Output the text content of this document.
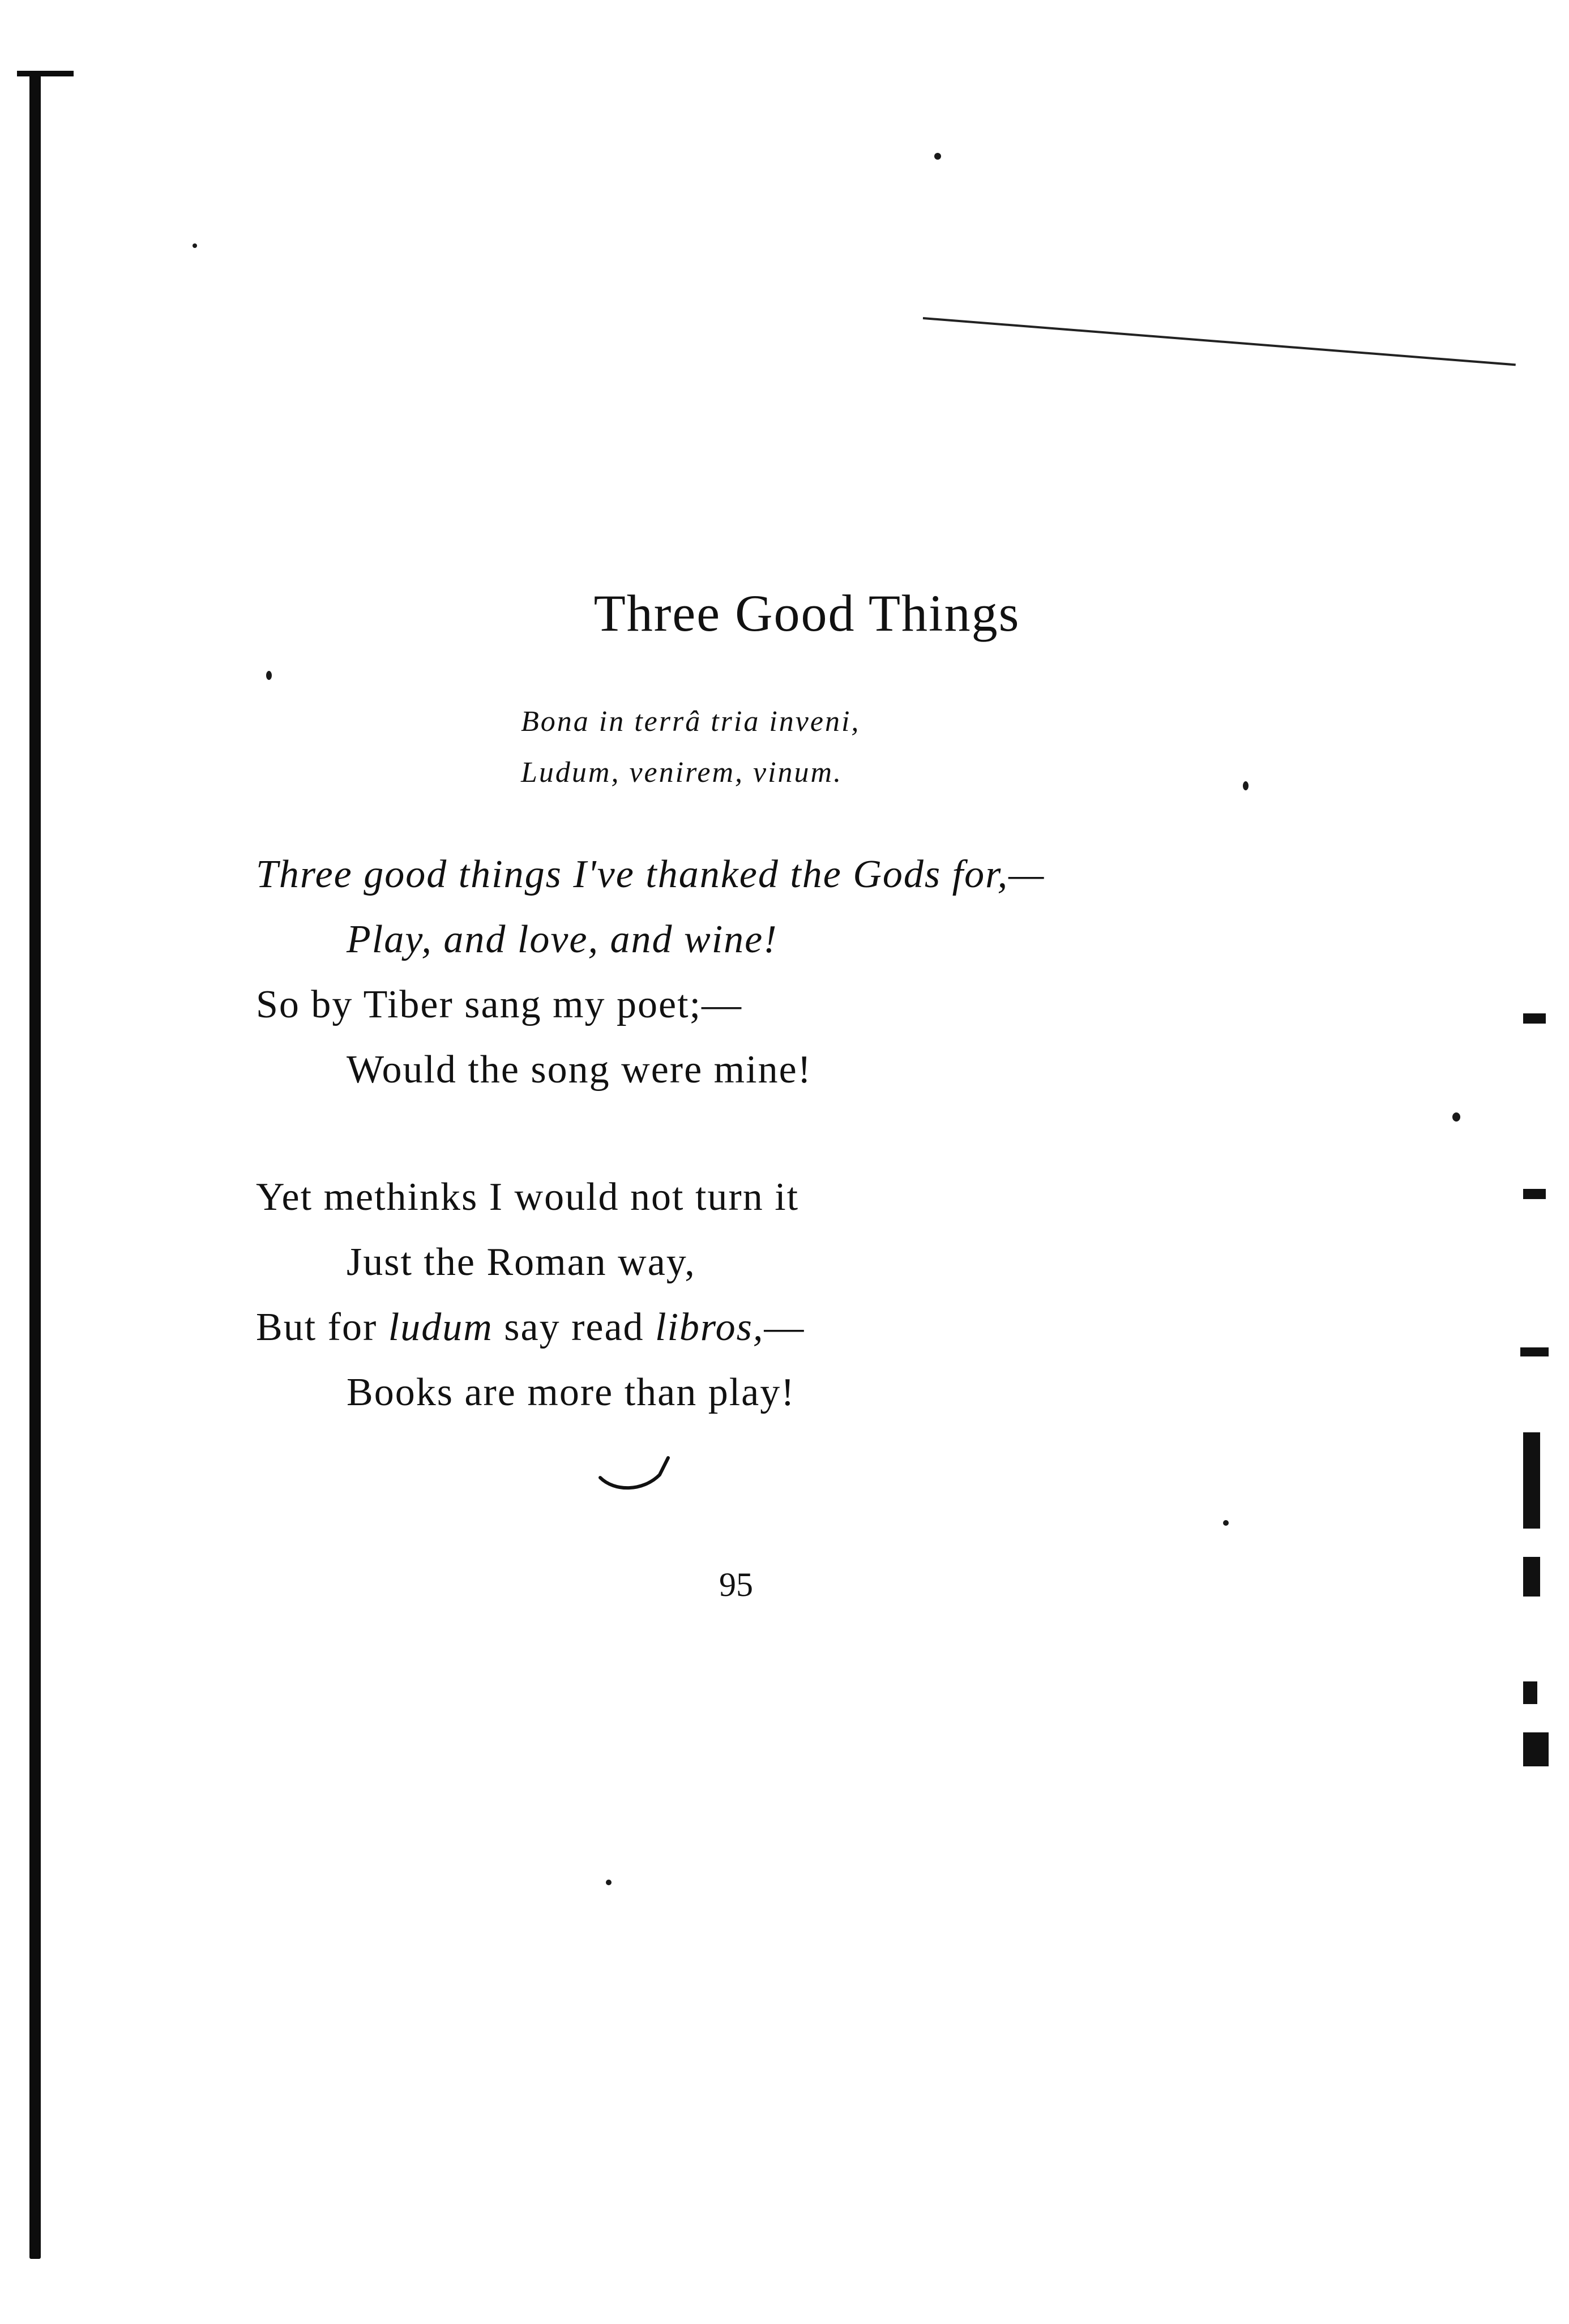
Three Good Things
Bona in terrâ tria inveni,
Ludum, venirem, vinum.
Three good things I've thanked the Gods for,—
Play, and love, and wine!
So by Tiber sang my poet;—
Would the song were mine!
Yet methinks I would not turn it
Just the Roman way,
But for ludum say read libros,—
Books are more than play!
95
